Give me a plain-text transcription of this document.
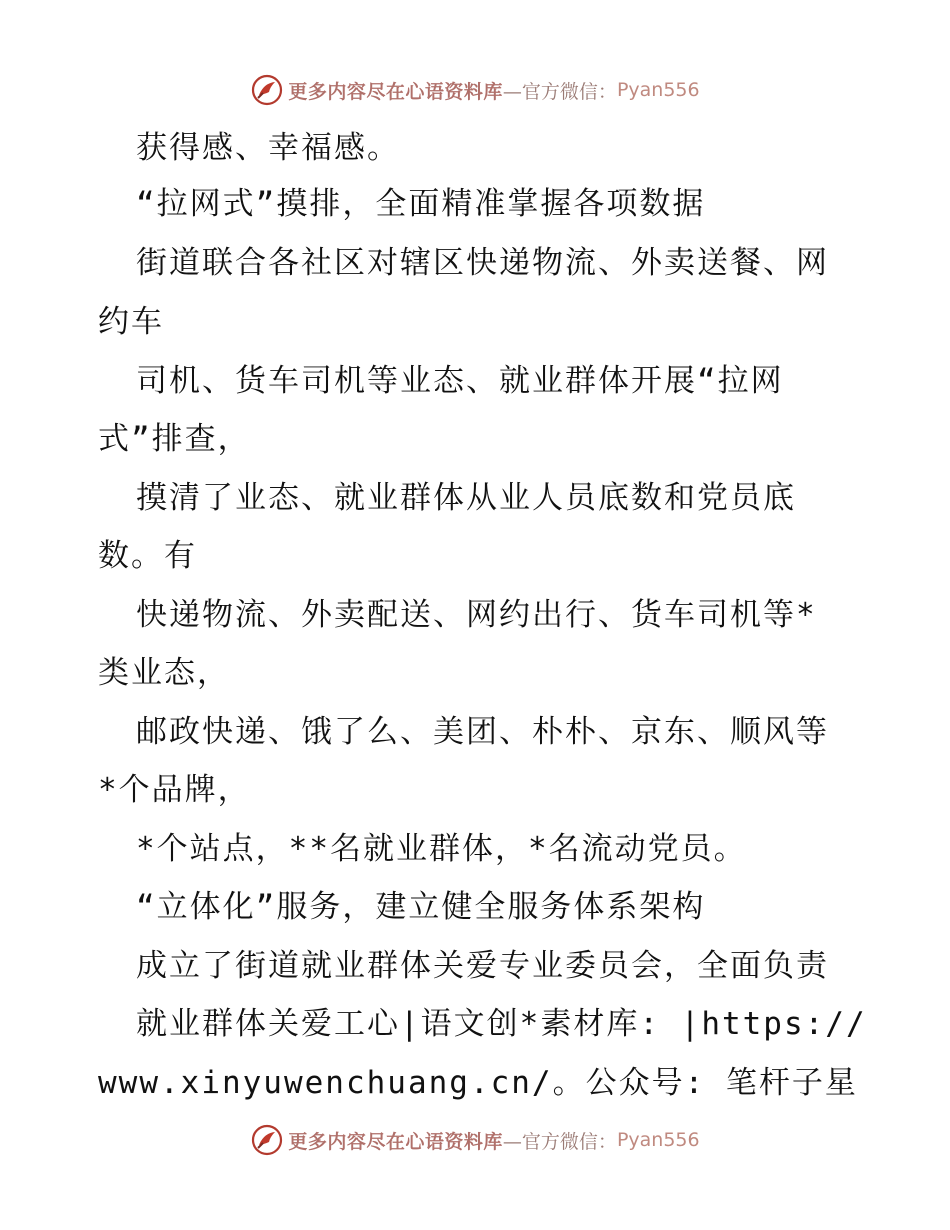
更多内容尽在心语资料库 —官方微信： Pyan556
获得感、幸福感。
“拉网式”摸排，全面精准掌握各项数据
街道联合各社区对辖区快递物流、外卖送餐、网
约车
司机、货车司机等业态、就业群体开展“拉网
式”排查，
摸清了业态、就业群体从业人员底数和党员底
数。有
快递物流、外卖配送、网约出行、货车司机等*
类业态，
邮政快递、饿了么、美团、朴朴、京东、顺风等
*个品牌，
*个站点，**名就业群体，*名流动党员。
“立体化”服务，建立健全服务体系架构
成立了街道就业群体关爱专业委员会，全面负责
就业群体关爱工心|语文创*素材库: |https://
www.xinyuwenchuang.cn/。公众号: 笔杆子星
更多内容尽在心语资料库 —官方微信： Pyan556
